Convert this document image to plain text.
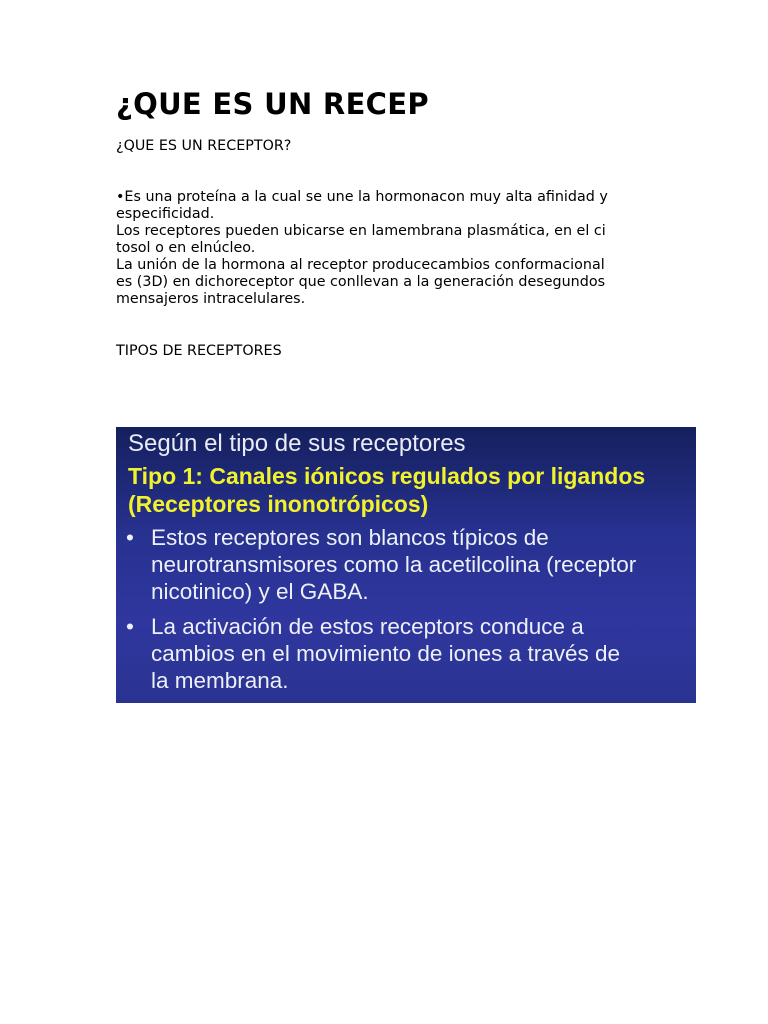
¿QUE ES UN RECEP
¿QUE ES UN RECEPTOR?
•Es una proteína a la cual se une la hormonacon muy alta afinidad y
especificidad.
Los receptores pueden ubicarse en lamembrana plasmática, en el ci
tosol o en elnúcleo.
La unión de la hormona al receptor producecambios conformacional
es (3D) en dichoreceptor que conllevan a la generación desegundos
mensajeros intracelulares.
TIPOS DE RECEPTORES
Según el tipo de sus receptores
Tipo 1: Canales iónicos regulados por ligandos
(Receptores inonotrópicos)
• Estos receptores son blancos típicos de
neurotransmisores como la acetilcolina (receptor
nicotinico) y el GABA.
• La activación de estos receptors conduce a
cambios en el movimiento de iones a través de
la membrana.
